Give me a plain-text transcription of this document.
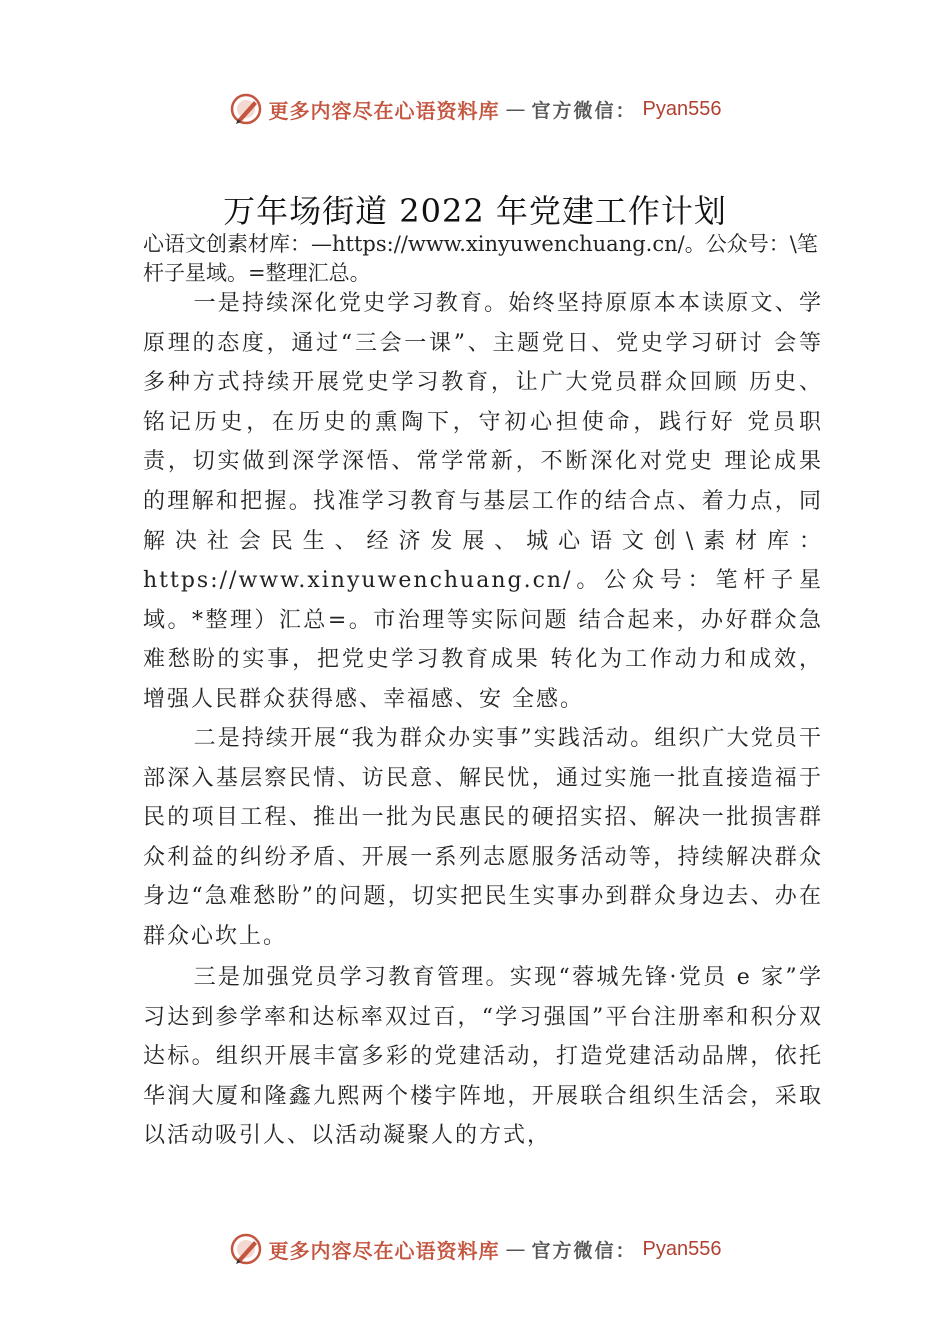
更多内容尽在心语资料库 — 官方微信： Pyan556
万年场街道 2022 年党建工作计划

心语文创素材库：—https://www.xinyuwenchuang.cn/。公众号：\笔杆子星域。=整理汇总。

一是持续深化党史学习教育。始终坚持原原本本读原文、学原理的态度，通过“三会一课”、主题党日、党史学习研讨 会等多种方式持续开展党史学习教育，让广大党员群众回顾 历史、铭记历史，在历史的熏陶下，守初心担使命，践行好 党员职责，切实做到深学深悟、常学常新，不断深化对党史 理论成果的理解和把握。找准学习教育与基层工作的结合点、着力点，同解决社会民生、经济发展、城心语文创\素材库：https://www.xinyuwenchuang.cn/。公众号：笔杆子星域。*整理）汇总=。市治理等实际问题 结合起来，办好群众急难愁盼的实事，把党史学习教育成果 转化为工作动力和成效，增强人民群众获得感、幸福感、安 全感。

二是持续开展“我为群众办实事”实践活动。组织广大党员干部深入基层察民情、访民意、解民忧，通过实施一批直接造福于民的项目工程、推出一批为民惠民的硬招实招、解决一批损害群众利益的纠纷矛盾、开展一系列志愿服务活动等，持续解决群众身边“急难愁盼”的问题，切实把民生实事办到群众身边去、办在群众心坎上。

三是加强党员学习教育管理。实现“蓉城先锋·党员 e 家”学习达到参学率和达标率双过百，“学习强国”平台注册率和积分双达标。组织开展丰富多彩的党建活动，打造党建活动品牌，依托华润大厦和隆鑫九熙两个楼宇阵地，开展联合组织生活会，采取以活动吸引人、以活动凝聚人的方式，

更多内容尽在心语资料库 — 官方微信： Pyan556
